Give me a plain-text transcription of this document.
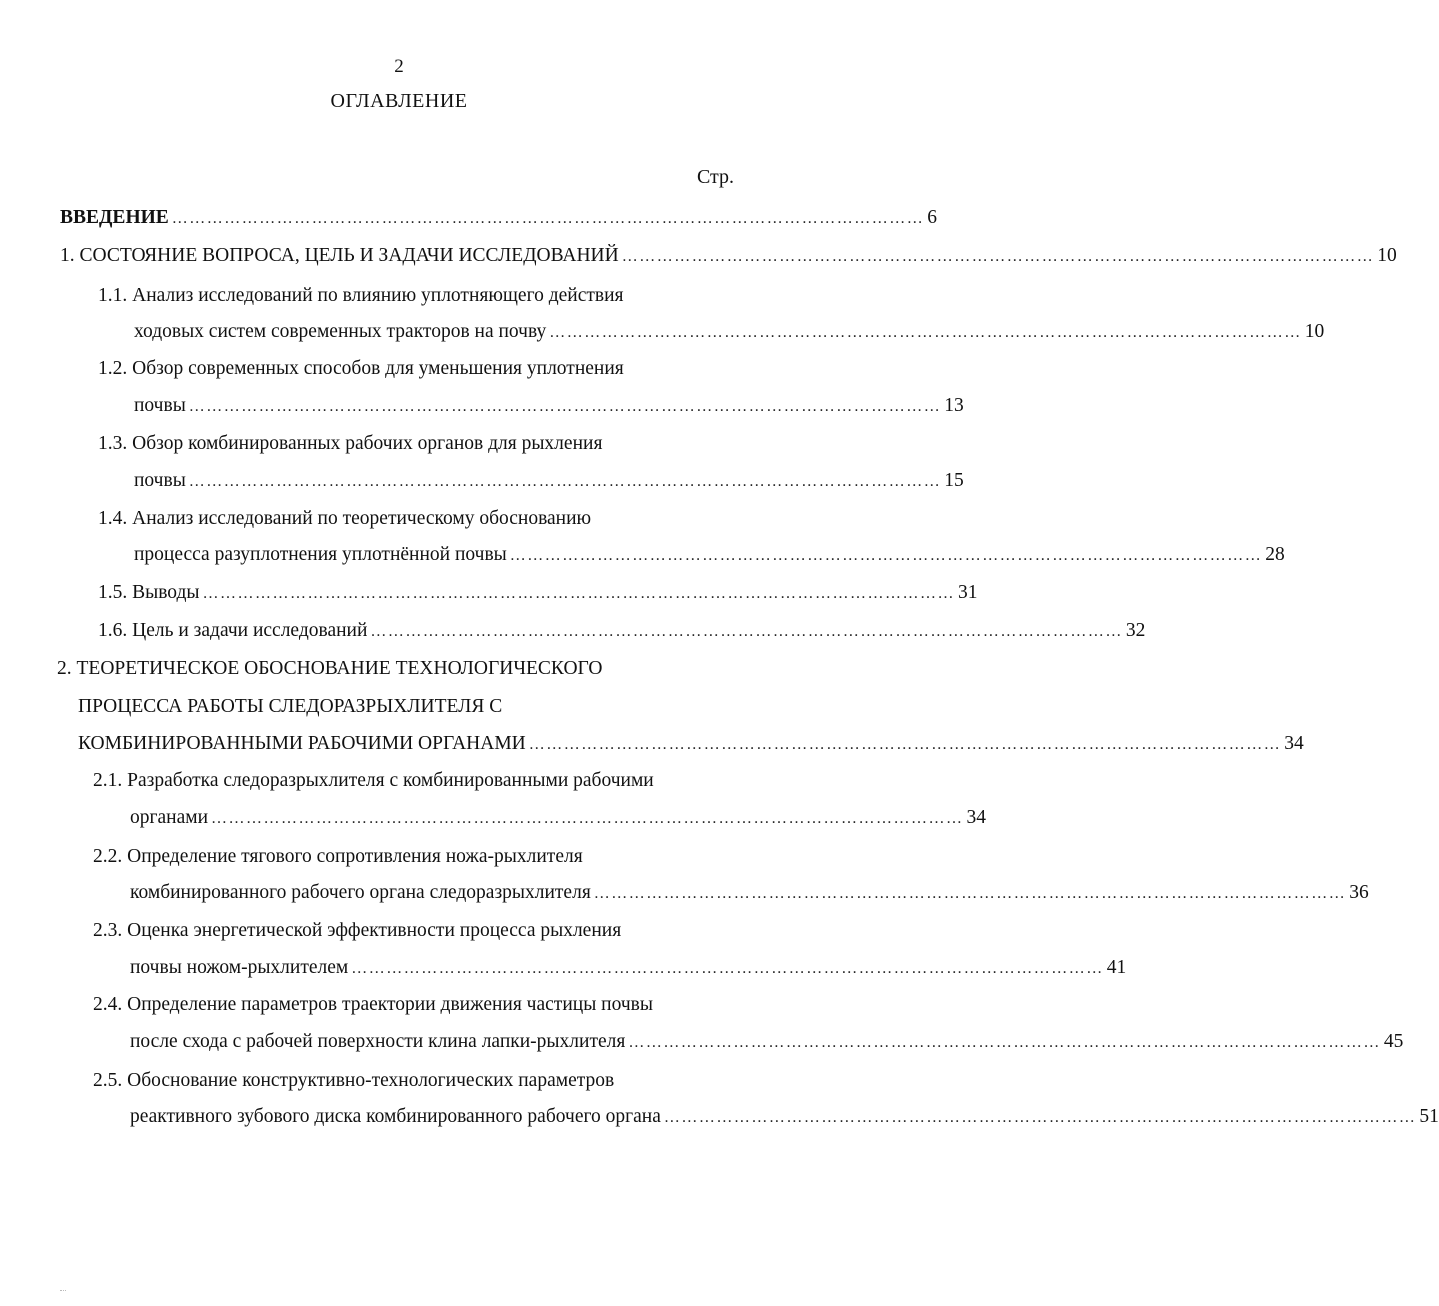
2
ОГЛАВЛЕНИЕ
Стр.
ВВЕДЕНИЕ ………………………………………………………………………………………………………………… 6
1. СОСТОЯНИЕ ВОПРОСА, ЦЕЛЬ И ЗАДАЧИ ИССЛЕДОВАНИЙ ………………………………………………………………………………………………………………… 10
1.1. Анализ исследований по влиянию уплотняющего действия
ходовых систем современных тракторов на почву ………………………………………………………………………………………………………………… 10
1.2. Обзор современных способов для уменьшения уплотнения
почвы ………………………………………………………………………………………………………………… 13
1.3. Обзор комбинированных рабочих органов для рыхления
почвы ………………………………………………………………………………………………………………… 15
1.4. Анализ исследований по теоретическому обоснованию
процесса разуплотнения уплотнённой почвы ………………………………………………………………………………………………………………… 28
1.5. Выводы ………………………………………………………………………………………………………………… 31
1.6. Цель и задачи исследований ………………………………………………………………………………………………………………… 32
2. ТЕОРЕТИЧЕСКОЕ ОБОСНОВАНИЕ ТЕХНОЛОГИЧЕСКОГО
ПРОЦЕССА РАБОТЫ СЛЕДОРАЗРЫХЛИТЕЛЯ С
КОМБИНИРОВАННЫМИ РАБОЧИМИ ОРГАНАМИ ………………………………………………………………………………………………………………… 34
2.1. Разработка следоразрыхлителя с комбинированными рабочими
органами ………………………………………………………………………………………………………………… 34
2.2. Определение тягового сопротивления ножа-рыхлителя
комбинированного рабочего органа следоразрыхлителя ………………………………………………………………………………………………………………… 36
2.3. Оценка энергетической эффективности процесса рыхления
почвы ножом-рыхлителем ………………………………………………………………………………………………………………… 41
2.4. Определение параметров траектории движения частицы почвы
после схода с рабочей поверхности клина лапки-рыхлителя ………………………………………………………………………………………………………………… 45
2.5. Обоснование конструктивно-технологических параметров
реактивного зубового диска комбинированного рабочего органа ………………………………………………………………………………………………………………… 51
